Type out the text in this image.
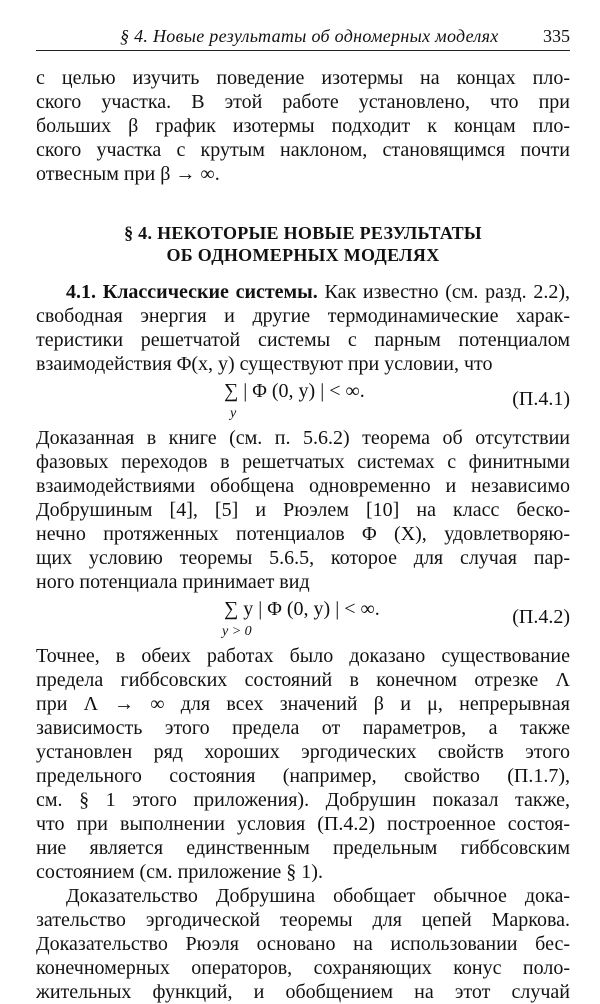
§ 4. Новые результаты об одномерных моделях 335
с целью изучить поведение изотермы на концах пло-
ского участка. В этой работе установлено, что при
больших β график изотермы подходит к концам пло-
ского участка с крутым наклоном, становящимся почти
отвесным при β → ∞.
§ 4. НЕКОТОРЫЕ НОВЫЕ РЕЗУЛЬТАТЫ
ОБ ОДНОМЕРНЫХ МОДЕЛЯХ
4.1. Классические системы. Как известно (см. разд. 2.2),
свободная энергия и другие термодинамические харак-
теристики решетчатой системы с парным потенциалом
взаимодействия Φ(x, y) существуют при условии, что
∑ | Φ (0, y) | < ∞.
y
(П.4.1)
Доказанная в книге (см. п. 5.6.2) теорема об отсутствии
фазовых переходов в решетчатых системах с финитными
взаимодействиями обобщена одновременно и независимо
Добрушиным [4], [5] и Рюэлем [10] на класс беско-
нечно протяженных потенциалов Φ (X), удовлетворяю-
щих условию теоремы 5.6.5, которое для случая пар-
ного потенциала принимает вид
∑ y | Φ (0, y) | < ∞.
y > 0
(П.4.2)
Точнее, в обеих работах было доказано существование
предела гиббсовских состояний в конечном отрезке Λ
при Λ → ∞ для всех значений β и μ, непрерывная
зависимость этого предела от параметров, а также
установлен ряд хороших эргодических свойств этого
предельного состояния (например, свойство (П.1.7),
см. § 1 этого приложения). Добрушин показал также,
что при выполнении условия (П.4.2) построенное состоя-
ние является единственным предельным гиббсовским
состоянием (см. приложение § 1).
Доказательство Добрушина обобщает обычное дока-
зательство эргодической теоремы для цепей Маркова.
Доказательство Рюэля основано на использовании бес-
конечномерных операторов, сохраняющих конус поло-
жительных функций, и обобщением на этот случай
